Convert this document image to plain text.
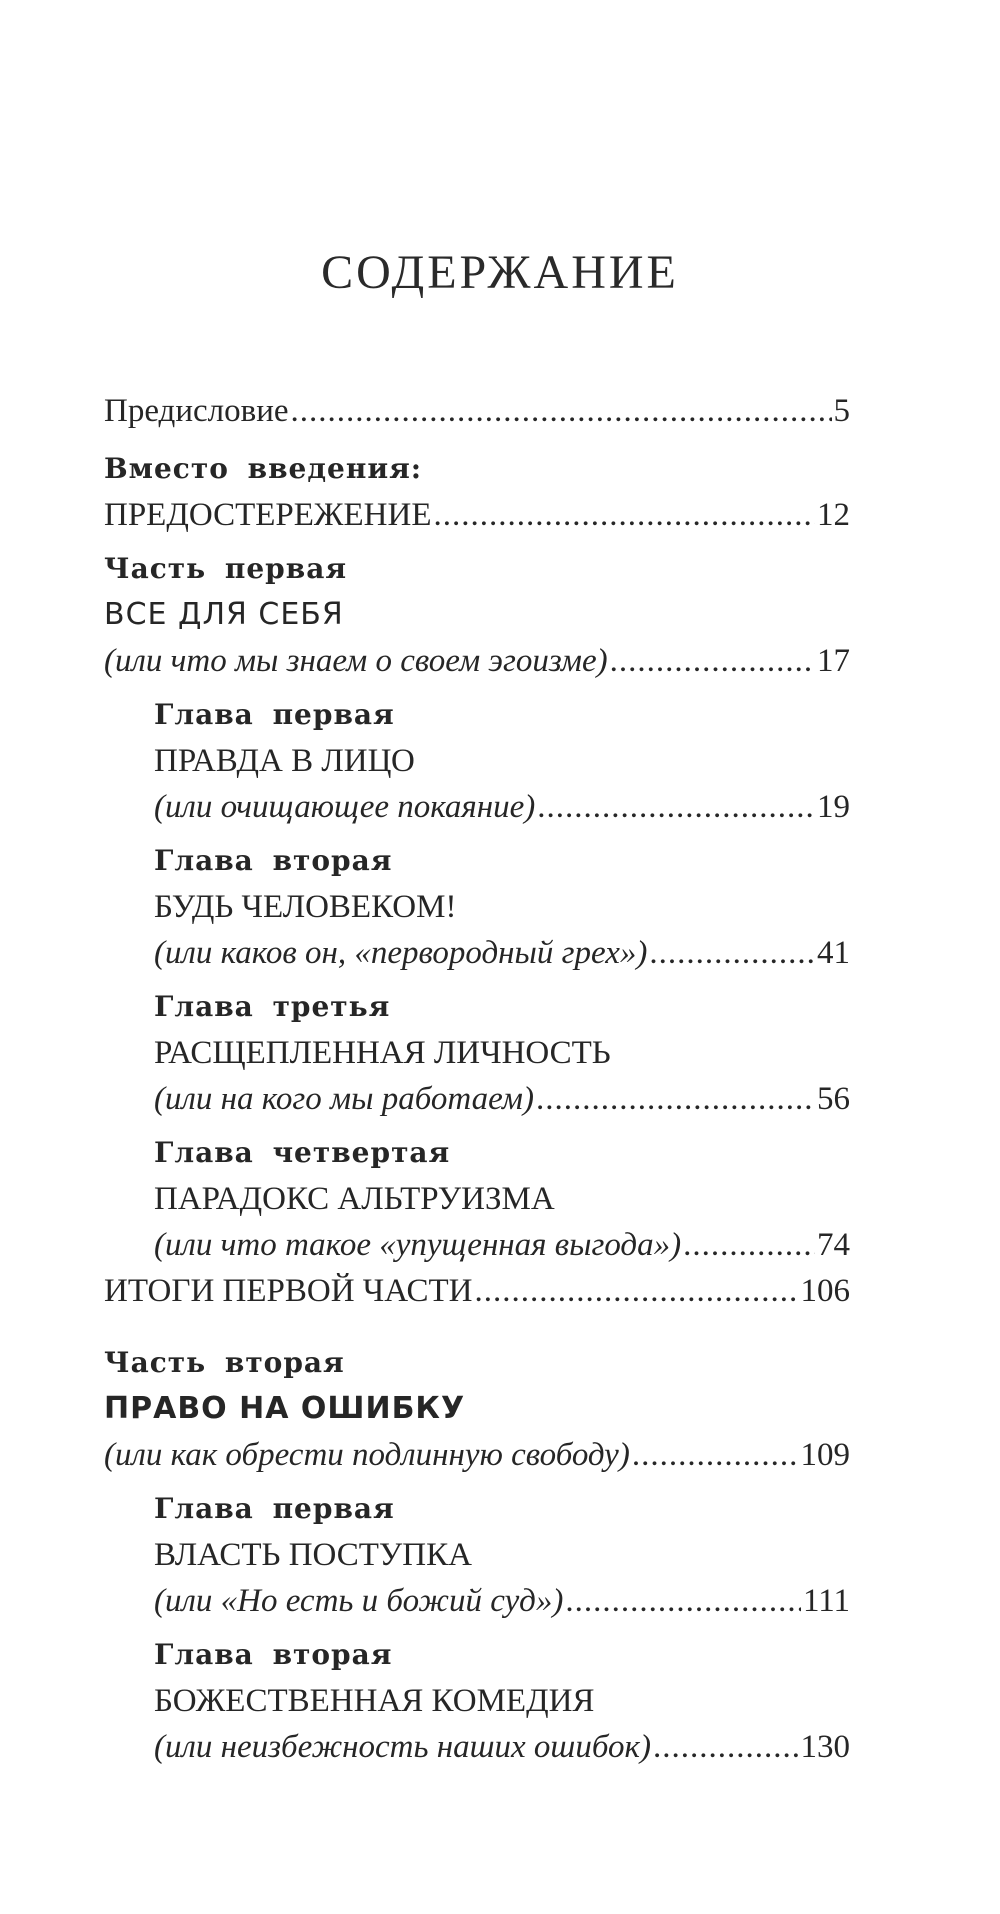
СОДЕРЖАНИЕ
Предисловие .....	5

Вместо введения:

ПРЕДОСТЕРЕЖЕНИЕ .....	12

Часть первая

ВСЕ ДЛЯ СЕБЯ

(или что мы знаем о своем эгоизме) .....	17

Глава первая

ПРАВДА В ЛИЦО

(или очищающее покаяние) .....	19

Глава вторая

БУДЬ ЧЕЛОВЕКОМ!

(или каков он, «первородный грех») .....	41

Глава третья

РАСЩЕПЛЕННАЯ ЛИЧНОСТЬ

(или на кого мы работаем) .....	56

Глава четвертая

ПАРАДОКС АЛЬТРУИЗМА

(или что такое «упущенная выгода») .....	74
ИТОГИ ПЕРВОЙ ЧАСТИ .....	106

Часть вторая

ПРАВО НА ОШИБКУ

(или как обрести подлинную свободу) .....	109

Глава первая

ВЛАСТЬ ПОСТУПКА

(или «Но есть и божий суд») .....	111

Глава вторая

БОЖЕСТВЕННАЯ КОМЕДИЯ

(или неизбежность наших ошибок) .....	130
